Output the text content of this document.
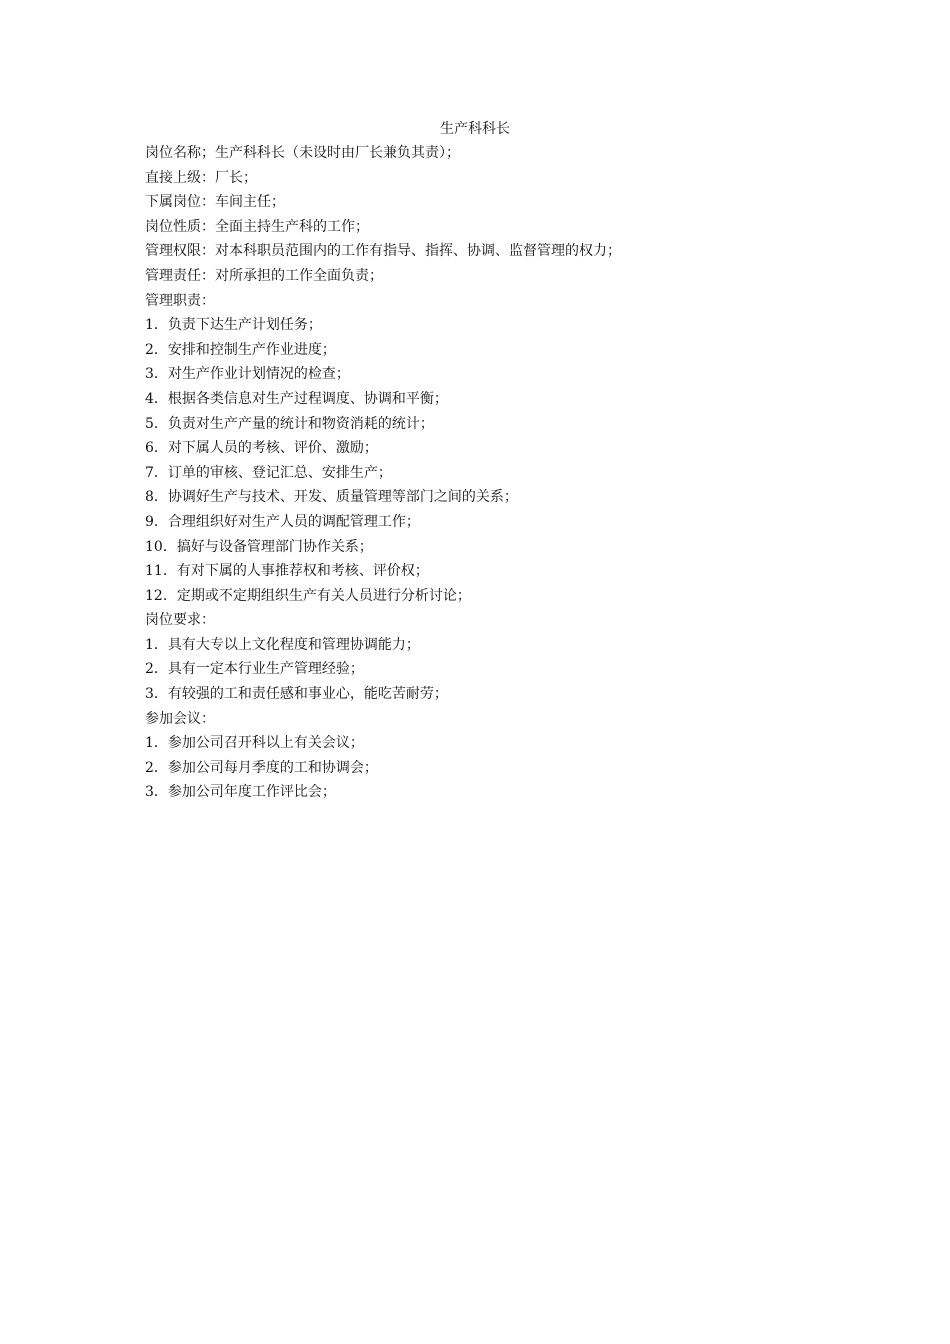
生产科科长
岗位名称；生产科科长（未设时由厂长兼负其责）；
直接上级：厂长；
下属岗位：车间主任；
岗位性质：全面主持生产科的工作；
管理权限：对本科职员范围内的工作有指导、指挥、协调、监督管理的权力；
管理责任：对所承担的工作全面负责；
管理职责：
1．负责下达生产计划任务；
2．安排和控制生产作业进度；
3．对生产作业计划情况的检查；
4．根据各类信息对生产过程调度、协调和平衡；
5．负责对生产产量的统计和物资消耗的统计；
6．对下属人员的考核、评价、激励；
7．订单的审核、登记汇总、安排生产；
8．协调好生产与技术、开发、质量管理等部门之间的关系；
9．合理组织好对生产人员的调配管理工作；
10．搞好与设备管理部门协作关系；
11．有对下属的人事推荐权和考核、评价权；
12．定期或不定期组织生产有关人员进行分析讨论；
岗位要求：
1．具有大专以上文化程度和管理协调能力；
2．具有一定本行业生产管理经验；
3．有较强的工和责任感和事业心，能吃苦耐劳；
参加会议：
1．参加公司召开科以上有关会议；
2．参加公司每月季度的工和协调会；
3．参加公司年度工作评比会；
